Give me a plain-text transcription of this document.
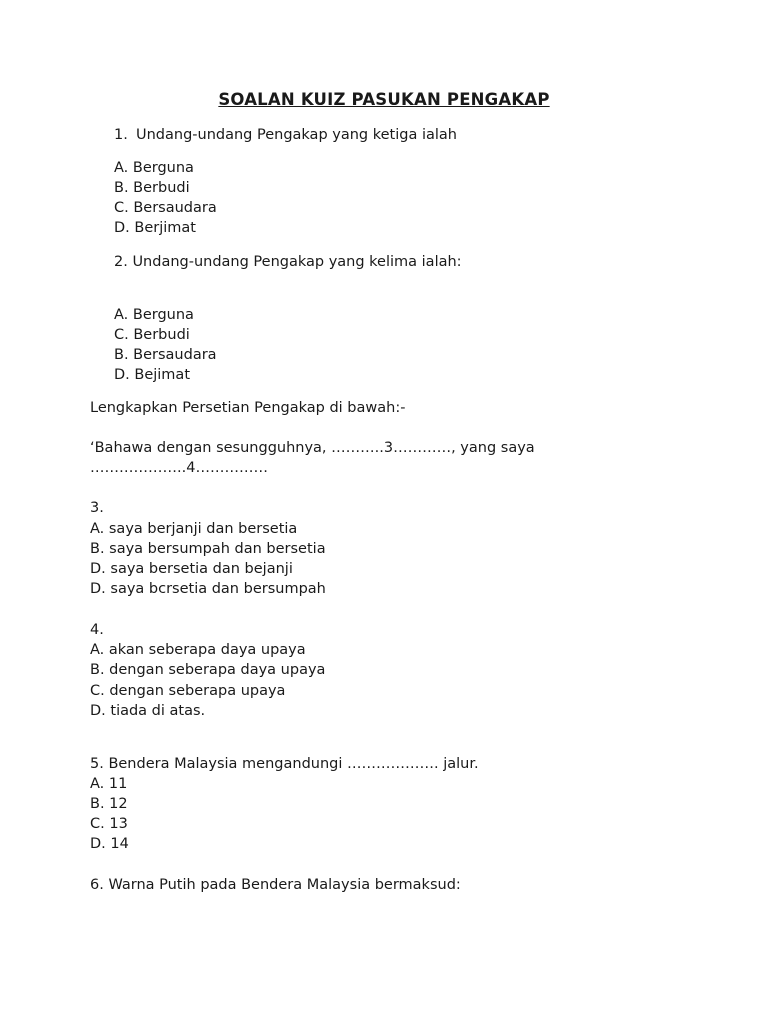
SOALAN KUIZ PASUKAN PENGAKAP
1. Undang-undang Pengakap yang ketiga ialah
A. Berguna
B. Berbudi
C. Bersaudara
D. Berjimat
2. Undang-undang Pengakap yang kelima ialah:
A. Berguna
C. Berbudi
B. Bersaudara
D. Bejimat
Lengkapkan Persetian Pengakap di bawah:-
‘Bahawa dengan sesungguhnya, ………..3…………, yang saya
………………..4……………
3.
A. saya berjanji dan bersetia
B. saya bersumpah dan bersetia
D. saya bersetia dan bejanji
D. saya bcrsetia dan bersumpah
4.
A. akan seberapa daya upaya
B. dengan seberapa daya upaya
C. dengan seberapa upaya
D. tiada di atas.
5. Bendera Malaysia mengandungi ………………. jalur.
A. 11
B. 12
C. 13
D. 14
6. Warna Putih pada Bendera Malaysia bermaksud:
